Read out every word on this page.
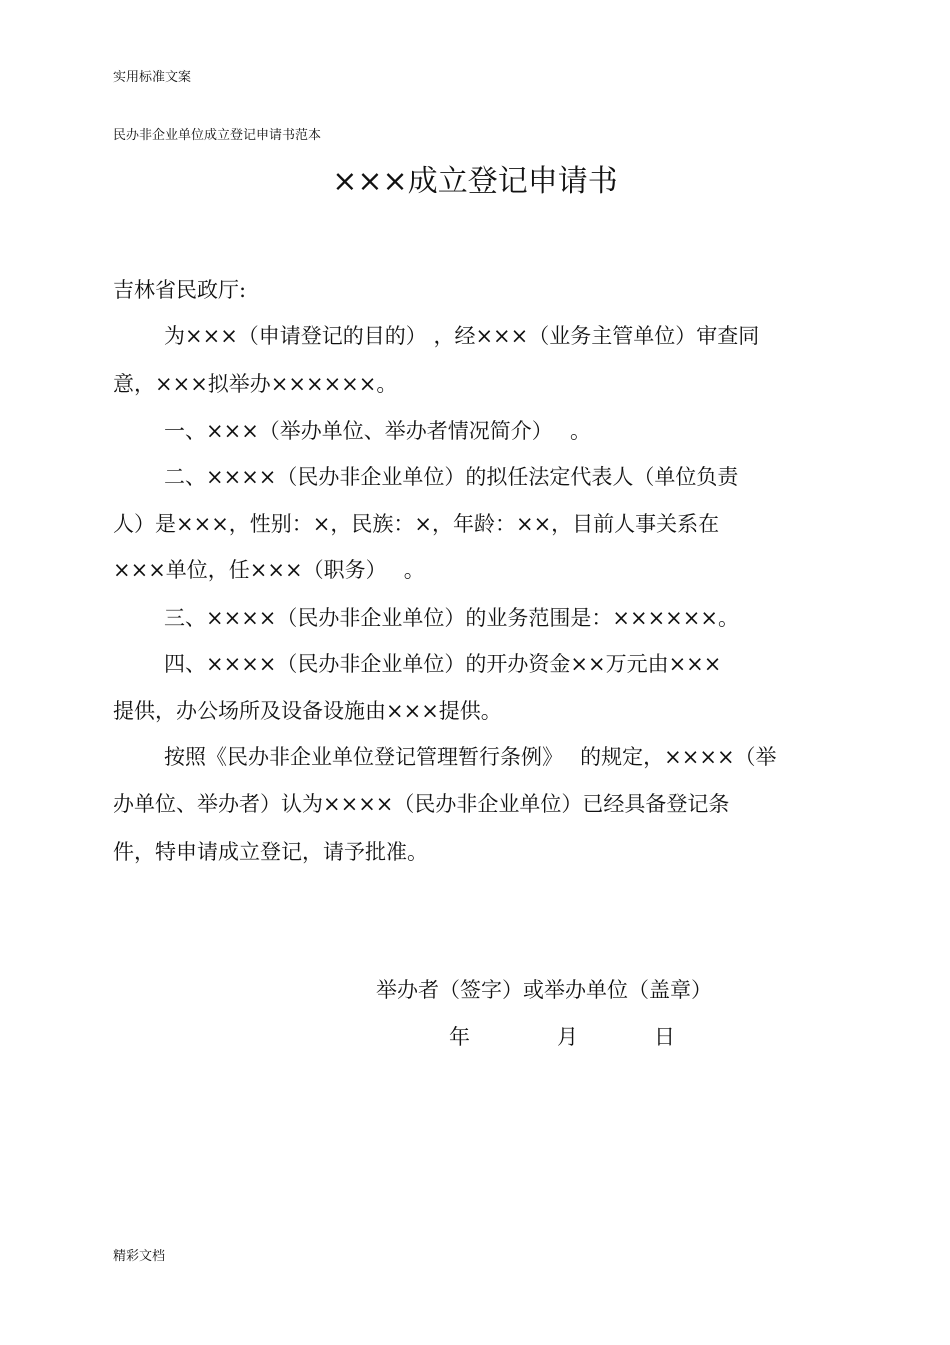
实用标准文案
民办非企业单位成立登记申请书范本
×××成立登记申请书
吉林省民政厅:
为×××（申请登记的目的） ，经×××（业务主管单位）审查同
意，×××拟举办××××××。
一、×××（举办单位、举办者情况简介）　 。
二、××××（民办非企业单位）的拟任法定代表人（单位负责
人）是×××，性别：×，民族：×，年龄：××，目前人事关系在
×××单位，任×××（职务）　 。
三、××××（民办非企业单位）的业务范围是：××××××。
四、××××（民办非企业单位）的开办资金××万元由×××
提供，办公场所及设备设施由×××提供。
按照《民办非企业单位登记管理暂行条例》　 的规定，××××（举
办单位、举办者）认为××××（民办非企业单位）已经具备登记条
件，特申请成立登记，请予批准。
举办者（签字）或举办单位（盖章）
年	月	日
精彩文档
